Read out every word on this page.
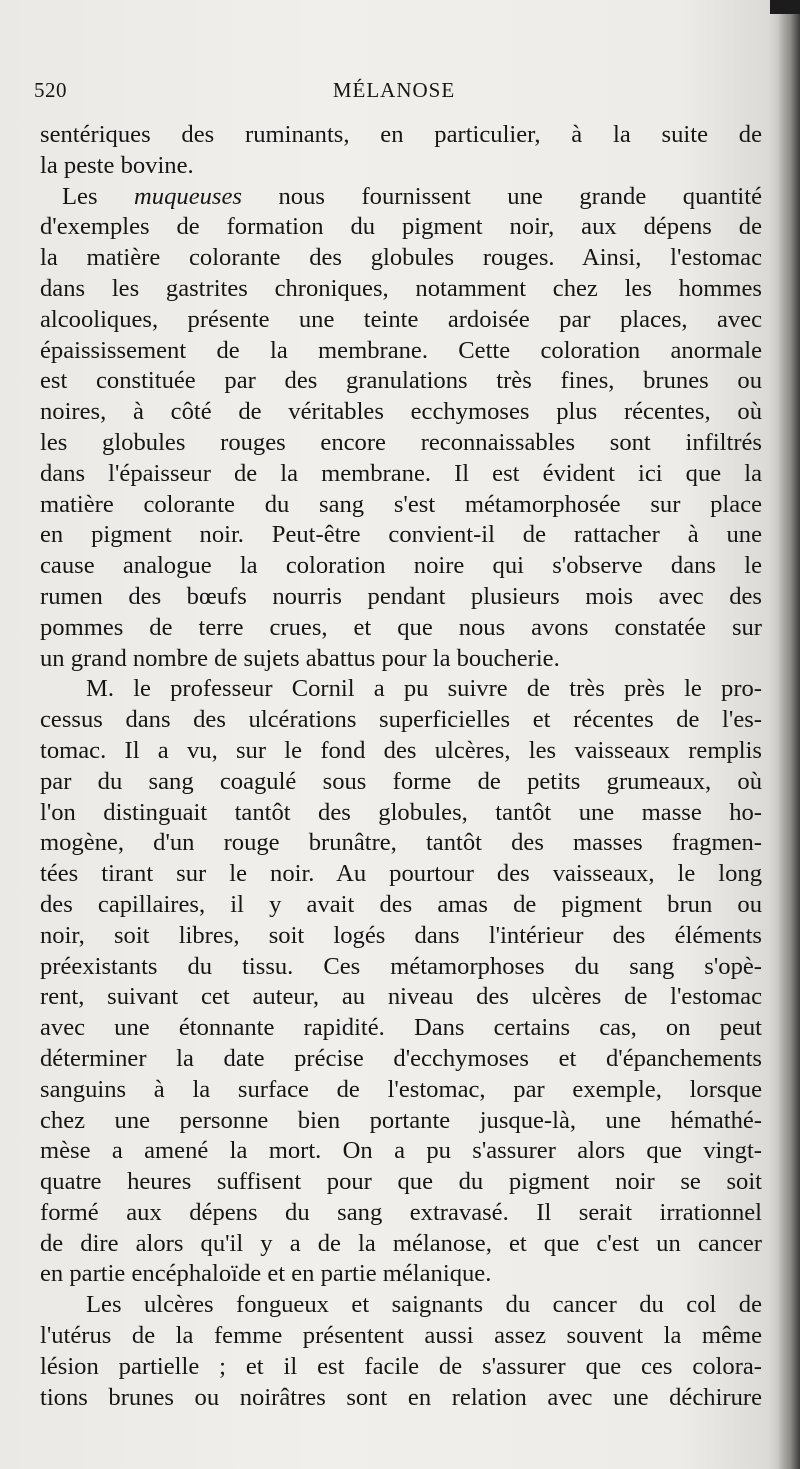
520	MÉLANOSE
sentériques des ruminants, en particulier, à la suite de
la peste bovine.
Les muqueuses nous fournissent une grande quantité
d'exemples de formation du pigment noir, aux dépens de
la matière colorante des globules rouges. Ainsi, l'estomac
dans les gastrites chroniques, notamment chez les hommes
alcooliques, présente une teinte ardoisée par places, avec
épaississement de la membrane. Cette coloration anormale
est constituée par des granulations très fines, brunes ou
noires, à côté de véritables ecchymoses plus récentes, où
les globules rouges encore reconnaissables sont infiltrés
dans l'épaisseur de la membrane. Il est évident ici que la
matière colorante du sang s'est métamorphosée sur place
en pigment noir. Peut-être convient-il de rattacher à une
cause analogue la coloration noire qui s'observe dans le
rumen des bœufs nourris pendant plusieurs mois avec des
pommes de terre crues, et que nous avons constatée sur
un grand nombre de sujets abattus pour la boucherie.
M. le professeur Cornil a pu suivre de très près le pro-
cessus dans des ulcérations superficielles et récentes de l'es-
tomac. Il a vu, sur le fond des ulcères, les vaisseaux remplis
par du sang coagulé sous forme de petits grumeaux, où
l'on distinguait tantôt des globules, tantôt une masse ho-
mogène, d'un rouge brunâtre, tantôt des masses fragmen-
tées tirant sur le noir. Au pourtour des vaisseaux, le long
des capillaires, il y avait des amas de pigment brun ou
noir, soit libres, soit logés dans l'intérieur des éléments
préexistants du tissu. Ces métamorphoses du sang s'opè-
rent, suivant cet auteur, au niveau des ulcères de l'estomac
avec une étonnante rapidité. Dans certains cas, on peut
déterminer la date précise d'ecchymoses et d'épanchements
sanguins à la surface de l'estomac, par exemple, lorsque
chez une personne bien portante jusque-là, une hémathé-
mèse a amené la mort. On a pu s'assurer alors que vingt-
quatre heures suffisent pour que du pigment noir se soit
formé aux dépens du sang extravasé. Il serait irrationnel
de dire alors qu'il y a de la mélanose, et que c'est un cancer
en partie encéphaloïde et en partie mélanique.
Les ulcères fongueux et saignants du cancer du col de
l'utérus de la femme présentent aussi assez souvent la même
lésion partielle ; et il est facile de s'assurer que ces colora-
tions brunes ou noirâtres sont en relation avec une déchirure
